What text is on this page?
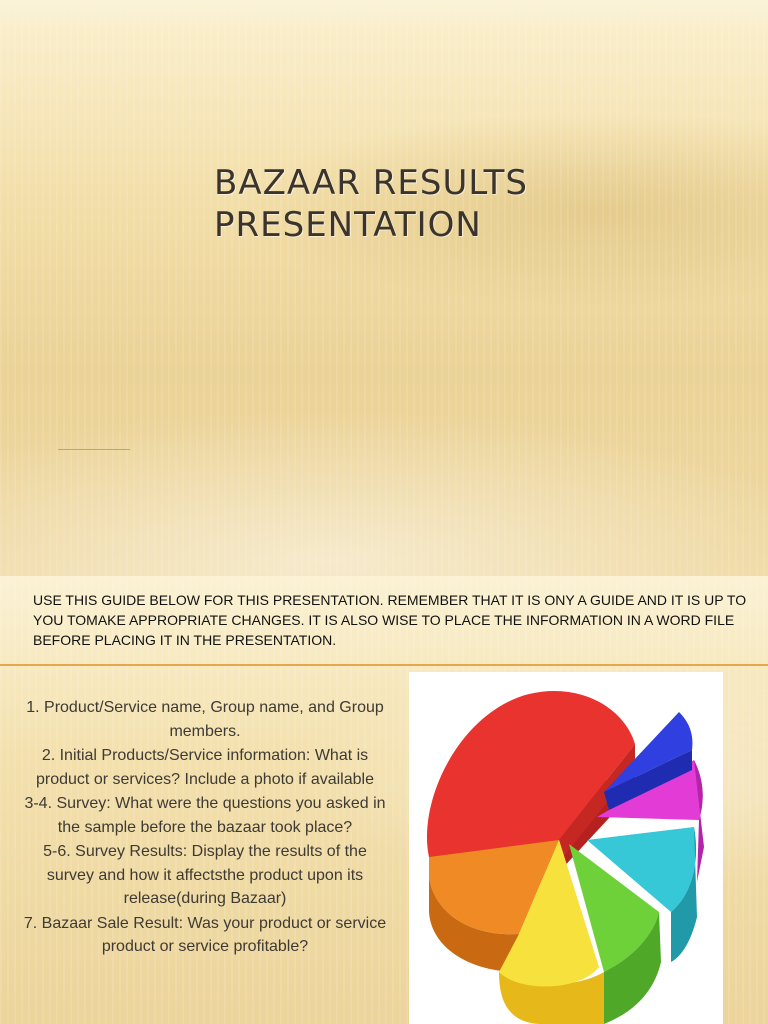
BAZAAR RESULTS
PRESENTATION
USE THIS GUIDE BELOW FOR THIS PRESENTATION. REMEMBER THAT IT IS ONY A GUIDE AND IT IS UP TO YOU TOMAKE APPROPRIATE CHANGES. IT IS ALSO WISE TO PLACE THE INFORMATION IN A WORD FILE BEFORE PLACING IT IN THE PRESENTATION.

1. Product/Service name, Group name, and Group members.

2. Initial Products/Service information: What is product or services? Include a photo if available

3-4. Survey: What were the questions you asked in the sample before the bazaar took place?

5-6. Survey Results: Display the results of the survey and how it affectsthe product upon its release(during Bazaar)

7. Bazaar Sale Result: Was your product or service product or service profitable?
